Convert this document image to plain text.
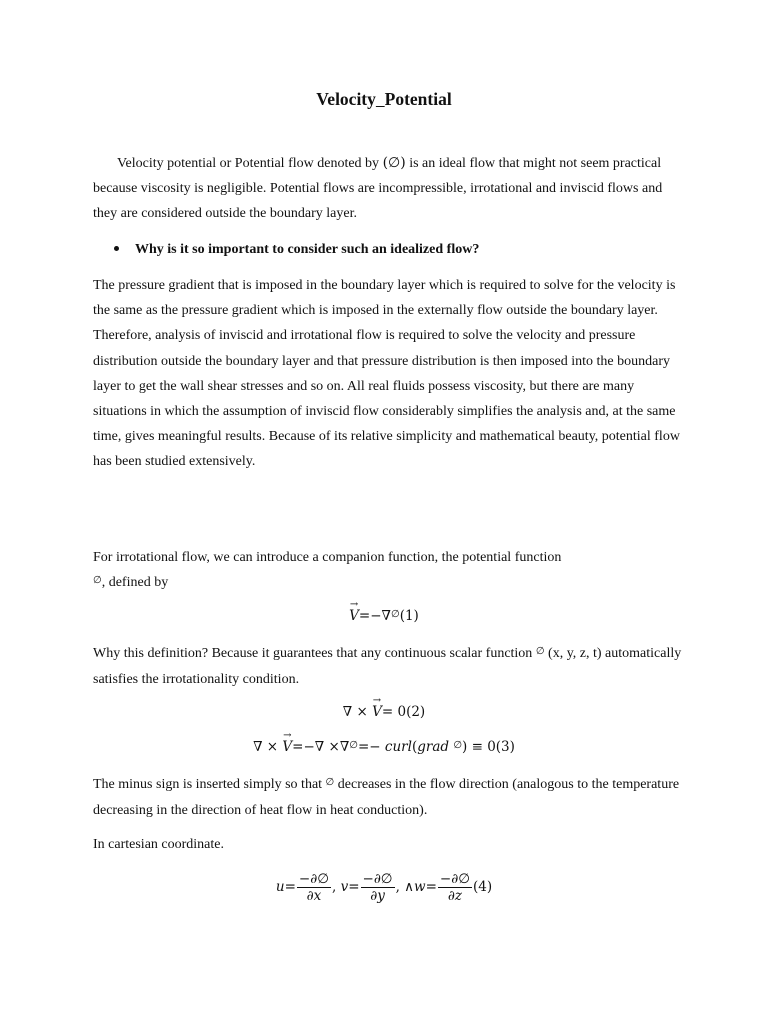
Velocity Potential

Velocity potential or Potential flow denoted by (∅) is an ideal flow that might not seem practical because viscosity is negligible. Potential flows are incompressible, irrotational and inviscid flows and they are considered outside the boundary layer.

Why is it so important to consider such an idealized flow?

The pressure gradient that is imposed in the boundary layer which is required to solve for the velocity is the same as the pressure gradient which is imposed in the externally flow outside the boundary layer. Therefore, analysis of inviscid and irrotational flow is required to solve the velocity and pressure distribution outside the boundary layer and that pressure distribution is then imposed into the boundary layer to get the wall shear stresses and so on. All real fluids possess viscosity, but there are many situations in which the assumption of inviscid flow considerably simplifies the analysis and, at the same time, gives meaningful results. Because of its relative simplicity and mathematical beauty, potential flow has been studied extensively.

For irrotational flow, we can introduce a companion function, the potential function
∅, defined by

→ V=−∇∅(1)

Why this definition? Because it guarantees that any continuous scalar function ∅ (x, y, z, t) automatically satisfies the irrotationality condition.

∇ × → V= 0(2)
∇ × → V=−∇ ×∇∅=− curl(grad ∅) ≡ 0(3)

The minus sign is inserted simply so that ∅ decreases in the flow direction (analogous to the temperature decreasing in the direction of heat flow in heat conduction).

In cartesian coordinate.

$u= \frac{-\partial\emptyset}{\partial x}$ , $v= \frac{-\partial\emptyset}{\partial y}$ , ∧w= $\frac{-\partial\emptyset}{\partial z} (4)$
